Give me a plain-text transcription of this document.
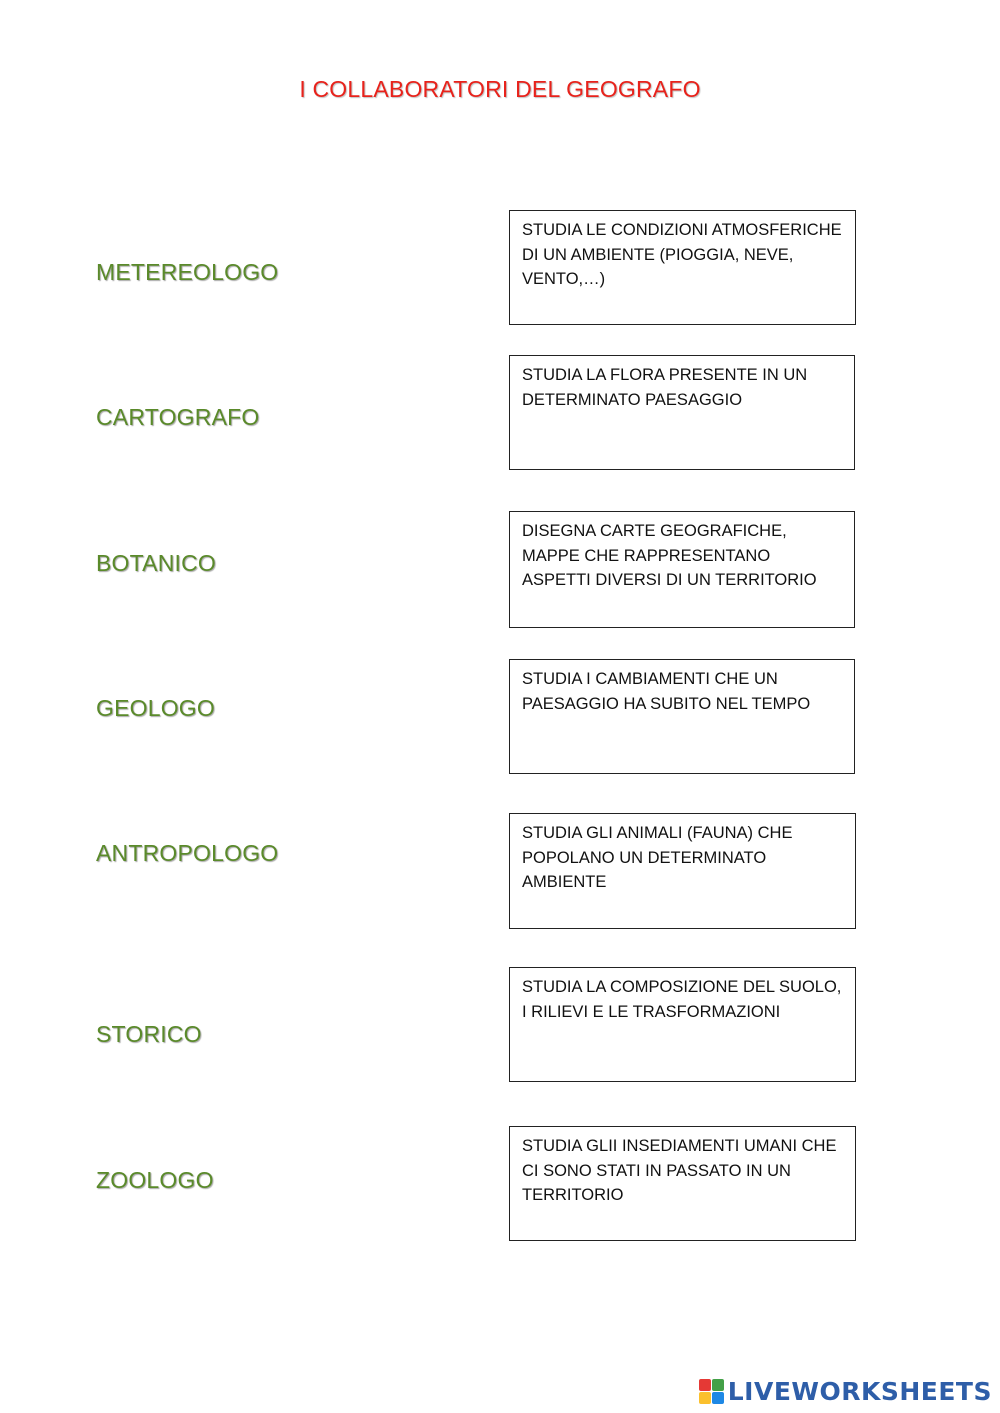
I COLLABORATORI DEL GEOGRAFO
METEREOLOGO
CARTOGRAFO
BOTANICO
GEOLOGO
ANTROPOLOGO
STORICO
ZOOLOGO
STUDIA LE CONDIZIONI ATMOSFERICHE DI UN AMBIENTE (PIOGGIA, NEVE, VENTO,…)
STUDIA LA FLORA PRESENTE IN UN DETERMINATO PAESAGGIO
DISEGNA CARTE GEOGRAFICHE, MAPPE CHE RAPPRESENTANO ASPETTI DIVERSI DI UN TERRITORIO
STUDIA I CAMBIAMENTI CHE UN PAESAGGIO HA SUBITO NEL TEMPO
STUDIA GLI ANIMALI (FAUNA) CHE POPOLANO UN DETERMINATO AMBIENTE
STUDIA LA COMPOSIZIONE DEL SUOLO, I RILIEVI E LE TRASFORMAZIONI
STUDIA GLII INSEDIAMENTI UMANI CHE CI SONO STATI IN PASSATO IN UN TERRITORIO
LIVEWORKSHEETS
